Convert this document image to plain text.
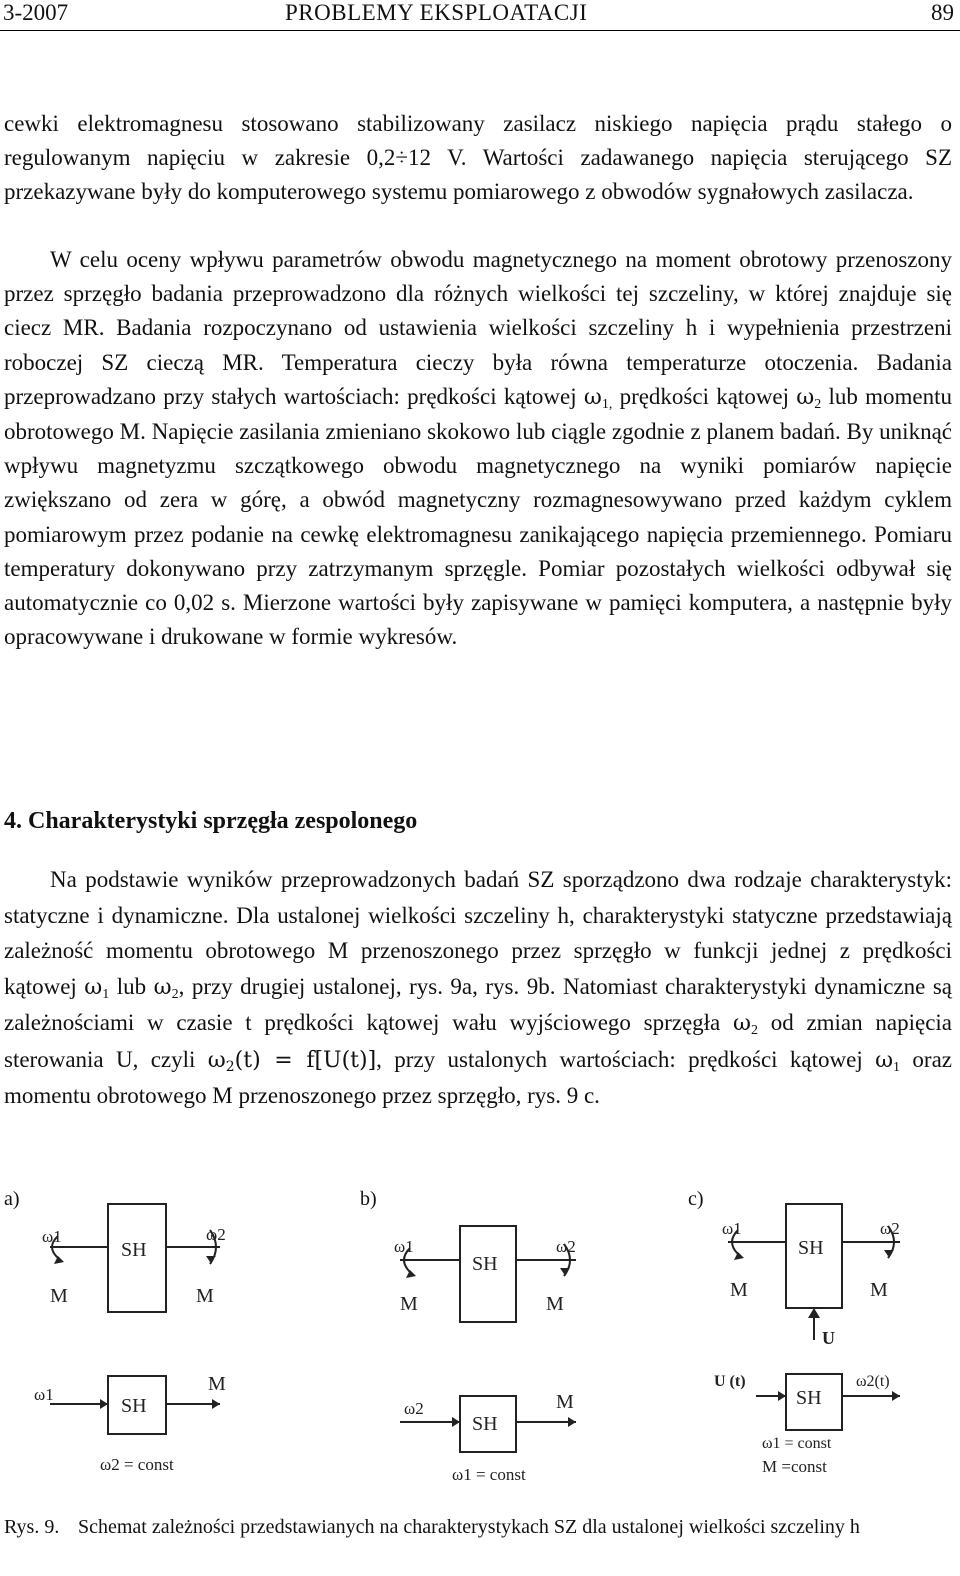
3-2007	PROBLEMY EKSPLOATACJI	89
cewki elektromagnesu stosowano stabilizowany zasilacz niskiego napięcia prądu stałego o regulowanym napięciu w zakresie 0,2÷12 V. Wartości zadawanego napięcia sterującego SZ przekazywane były do komputerowego systemu pomiarowego z obwodów sygnałowych zasilacza.
W celu oceny wpływu parametrów obwodu magnetycznego na moment obrotowy przenoszony przez sprzęgło badania przeprowadzono dla różnych wielkości tej szczeliny, w której znajduje się ciecz MR. Badania rozpoczynano od ustawienia wielkości szczeliny h i wypełnienia przestrzeni roboczej SZ cieczą MR. Temperatura cieczy była równa temperaturze otoczenia. Badania przeprowadzano przy stałych wartościach: prędkości kątowej $\omega_{1,}$ prędkości kątowej $\omega_2$ lub momentu obrotowego M. Napięcie zasilania zmieniano skokowo lub ciągle zgodnie z planem badań. By uniknąć wpływu magnetyzmu szczątkowego obwodu magnetycznego na wyniki pomiarów napięcie zwiększano od zera w górę, a obwód magnetyczny rozmagnesowywano przed każdym cyklem pomiarowym przez podanie na cewkę elektromagnesu zanikającego napięcia przemiennego. Pomiaru temperatury dokonywano przy zatrzymanym sprzęgle. Pomiar pozostałych wielkości odbywał się automatycznie co 0,02 s. Mierzone wartości były zapisywane w pamięci komputera, a następnie były opracowywane i drukowane w formie wykresów.
4. Charakterystyki sprzęgła zespolonego
Na podstawie wyników przeprowadzonych badań SZ sporządzono dwa rodzaje charakterystyk: statyczne i dynamiczne. Dla ustalonej wielkości szczeliny h, charakterystyki statyczne przedstawiają zależność momentu obrotowego M przenoszonego przez sprzęgło w funkcji jednej z prędkości kątowej $\omega_1$ lub $\omega_2$, przy drugiej ustalonej, rys. 9a, rys. 9b. Natomiast charakterystyki dynamiczne są zależnościami w czasie t prędkości kątowej wału wyjściowego sprzęgła $\omega_2$ od zmian napięcia sterowania U, czyli $\omega_2(t) = f[U(t)]$, przy ustalonych wartościach: prędkości kątowej $\omega_1$ oraz momentu obrotowego M przenoszonego przez sprzęgło, rys. 9 c.
a)	b)	c)
SH
ω1	ω2
M	M
SH
ω1	M
ω2 = const
SH
ω1	ω2
M	M
SH
ω2	M
ω1 = const
SH
ω1	ω2
M	M
U
SH
U (t)	ω2(t)
ω1 = const
M =const
Rys. 9. Schemat zależności przedstawianych na charakterystykach SZ dla ustalonej wielkości szczeliny h
